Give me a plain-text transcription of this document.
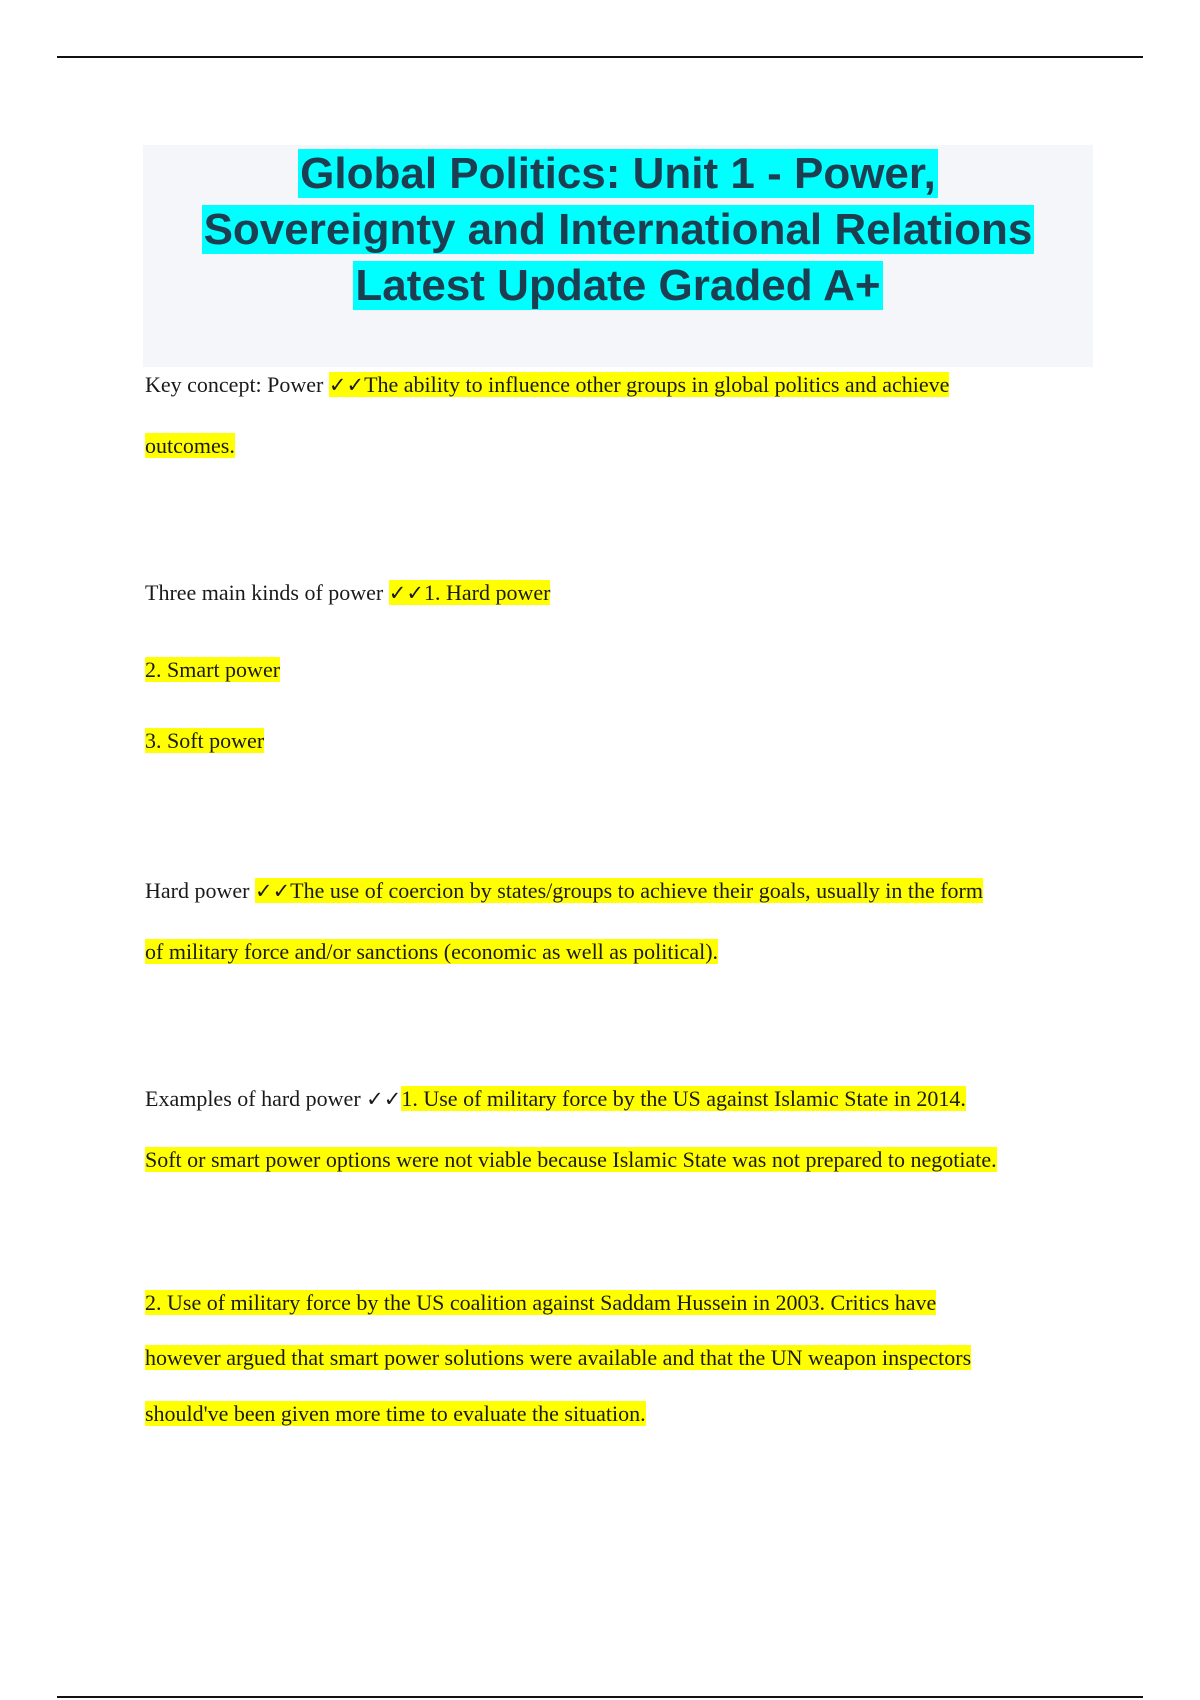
Global Politics: Unit 1 - Power,
Sovereignty and International Relations
Latest Update Graded A+
Key concept: Power ✓✓The ability to influence other groups in global politics and achieve
outcomes.
Three main kinds of power ✓✓1. Hard power
2. Smart power
3. Soft power
Hard power ✓✓The use of coercion by states/groups to achieve their goals, usually in the form
of military force and/or sanctions (economic as well as political).
Examples of hard power ✓✓1. Use of military force by the US against Islamic State in 2014.
Soft or smart power options were not viable because Islamic State was not prepared to negotiate.
2. Use of military force by the US coalition against Saddam Hussein in 2003. Critics have
however argued that smart power solutions were available and that the UN weapon inspectors
should've been given more time to evaluate the situation.
